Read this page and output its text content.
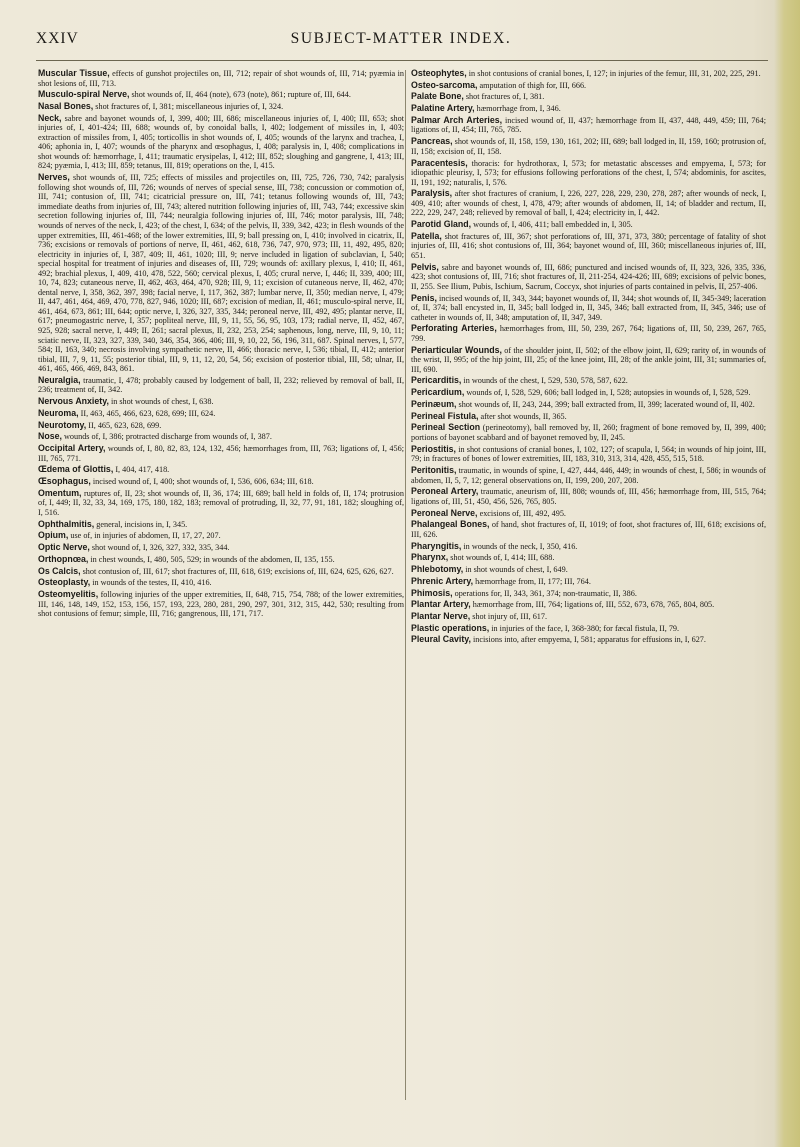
XXIV	SUBJECT-MATTER INDEX.
Muscular Tissue, effects of gunshot projectiles on, III, 712; repair of shot wounds of, III, 714; pyæmia in shot lesions of, III, 713.
Musculo-spiral Nerve, shot wounds of, II, 464 (note), 673 (note), 861; rupture of, III, 644.
Nasal Bones, shot fractures of, I, 381; miscellaneous injuries of, I, 324.
Neck, sabre and bayonet wounds of, I, 399, 400; III, 686; miscellaneous injuries of, I, 400; III, 653; shot injuries of, I, 401-424; III, 688; wounds of, by conoidal balls, I, 402; lodgement of missiles in, I, 403; extraction of missiles from, I, 405; torticollis in shot wounds of, I, 405; wounds of the larynx and trachea, I, 406; aphonia in, I, 407; wounds of the pharynx and œsophagus, I, 408; paralysis in, I, 408; complications in shot wounds of: hæmorrhage, I, 411; traumatic erysipelas, I, 412; III, 852; sloughing and gangrene, I, 413; III, 824; pyæmia, I, 413; III, 859; tetanus, III, 819; operations on the, I, 415.
Nerves, shot wounds of, III, 725; effects of missiles and projectiles on, III, 725, 726, 730, 742; paralysis following shot wounds of, III, 726; wounds of nerves of special sense, III, 738; concussion or commotion of, III, 741; contusion of, III, 741; cicatricial pressure on, III, 741; tetanus following wounds of, III, 743; immediate deaths from injuries of, III, 743; altered nutrition following injuries of, III, 743, 744; excessive skin secretion following injuries of, III, 744; neuralgia following injuries of, III, 746; motor paralysis, III, 748; wounds of nerves of the neck, I, 423; of the chest, I, 634; of the pelvis, II, 339, 342, 423; in flesh wounds of the upper extremities, III, 461-468; of the lower extremities, III, 9; ball pressing on, I, 410; involved in cicatrix, II, 736; excisions or removals of portions of nerve, II, 461, 462, 618, 736, 747, 970, 973; III, 11, 492, 495, 820; electricity in injuries of, I, 387, 409; II, 461, 1020; III, 9; nerve included in ligation of subclavian, I, 540; special hospital for treatment of injuries and diseases of, III, 729; wounds of: axillary plexus, I, 410; II, 461, 492; brachial plexus, I, 409, 410, 478, 522, 560; cervical plexus, I, 405; crural nerve, I, 446; II, 339, 400; III, 10, 74, 823; cutaneous nerve, II, 462, 463, 464, 470, 928; III, 9, 11; excision of cutaneous nerve, II, 462, 470; dental nerve, I, 358, 362, 397, 398; facial nerve, I, 117, 362, 387; lumbar nerve, II, 350; median nerve, I, 479; II, 447, 461, 464, 469, 470, 778, 827, 946, 1020; III, 687; excision of median, II, 461; musculo-spiral nerve, II, 461, 464, 673, 861; III, 644; optic nerve, I, 326, 327, 335, 344; peroneal nerve, III, 492, 495; plantar nerve, II, 617; pneumogastric nerve, I, 357; popliteal nerve, III, 9, 11, 55, 56, 95, 103, 173; radial nerve, II, 452, 467, 925, 928; sacral nerve, I, 449; II, 261; sacral plexus, II, 232, 253, 254; saphenous, long, nerve, III, 9, 10, 11; sciatic nerve, II, 323, 327, 339, 340, 346, 354, 366, 406; III, 9, 10, 22, 56, 196, 311, 687. Spinal nerves, I, 577, 584; II, 163, 340; necrosis involving sympathetic nerve, II, 466; thoracic nerve, I, 536; tibial, II, 412; anterior tibial, III, 7, 9, 11, 55; posterior tibial, III, 9, 11, 12, 20, 54, 56; excision of posterior tibial, III, 58; ulnar, II, 461, 465, 466, 469, 843, 861.
Neuralgia, traumatic, I, 478; probably caused by lodgement of ball, II, 232; relieved by removal of ball, II, 236; treatment of, II, 342.
Nervous Anxiety, in shot wounds of chest, I, 638.
Neuroma, II, 463, 465, 466, 623, 628, 699; III, 624.
Neurotomy, II, 465, 623, 628, 699.
Nose, wounds of, I, 386; protracted discharge from wounds of, I, 387.
Occipital Artery, wounds of, I, 80, 82, 83, 124, 132, 456; hæmorrhages from, III, 763; ligations of, I, 456; III, 765, 771.
Œdema of Glottis, I, 404, 417, 418.
Œsophagus, incised wound of, I, 400; shot wounds of, I, 536, 606, 634; III, 618.
Omentum, ruptures of, II, 23; shot wounds of, II, 36, 174; III, 689; ball held in folds of, II, 174; protrusion of, I, 449; II, 32, 33, 34, 169, 175, 180, 182, 183; removal of protruding, II, 32, 77, 91, 181, 182; sloughing of, I, 516.
Ophthalmitis, general, incisions in, I, 345.
Opium, use of, in injuries of abdomen, II, 17, 27, 207.
Optic Nerve, shot wound of, I, 326, 327, 332, 335, 344.
Orthopnœa, in chest wounds, I, 480, 505, 529; in wounds of the abdomen, II, 135, 155.
Os Calcis, shot contusion of, III, 617; shot fractures of, III, 618, 619; excisions of, III, 624, 625, 626, 627.
Osteoplasty, in wounds of the testes, II, 410, 416.
Osteomyelitis, following injuries of the upper extremities, II, 648, 715, 754, 788; of the lower extremities, III, 146, 148, 149, 152, 153, 156, 157, 193, 223, 280, 281, 290, 297, 301, 312, 315, 442, 530; resulting from shot contusions of femur; simple, III, 716; gangrenous, III, 171, 717.
Osteophytes, in shot contusions of cranial bones, I, 127; in injuries of the femur, III, 31, 202, 225, 291.
Osteo-sarcoma, amputation of thigh for, III, 666.
Palate Bone, shot fractures of, I, 381.
Palatine Artery, hæmorrhage from, I, 346.
Palmar Arch Arteries, incised wound of, II, 437; hæmorrhage from II, 437, 448, 449, 459; III, 764; ligations of, II, 454; III, 765, 785.
Pancreas, shot wounds of, II, 158, 159, 130, 161, 202; III, 689; ball lodged in, II, 159, 160; protrusion of, II, 158; excision of, II, 158.
Paracentesis, thoracis: for hydrothorax, I, 573; for metastatic abscesses and empyema, I, 573; for idiopathic pleurisy, I, 573; for effusions following perforations of the chest, I, 574; abdominis, for ascites, II, 191, 192; naturalis, I, 576.
Paralysis, after shot fractures of cranium, I, 226, 227, 228, 229, 230, 278, 287; after wounds of neck, I, 409, 410; after wounds of chest, I, 478, 479; after wounds of abdomen, II, 14; of bladder and rectum, II, 222, 229, 247, 248; relieved by removal of ball, I, 424; electricity in, I, 442.
Parotid Gland, wounds of, I, 406, 411; ball embedded in, I, 305.
Patella, shot fractures of, III, 367; shot perforations of, III, 371, 373, 380; percentage of fatality of shot injuries of, III, 416; shot contusions of, III, 364; bayonet wound of, III, 360; miscellaneous injuries of, III, 651.
Pelvis, sabre and bayonet wounds of, III, 686; punctured and incised wounds of, II, 323, 326, 335, 336, 423; shot contusions of, III, 716; shot fractures of, II, 211-254, 424-426; III, 689; excisions of pelvic bones, II, 255. See Ilium, Pubis, Ischium, Sacrum, Coccyx, shot injuries of parts contained in pelvis, II, 257-406.
Penis, incised wounds of, II, 343, 344; bayonet wounds of, II, 344; shot wounds of, II, 345-349; laceration of, II, 374; ball encysted in, II, 345; ball lodged in, II, 345, 346; ball extracted from, II, 345, 346; use of catheter in wounds of, II, 348; amputation of, II, 347, 349.
Perforating Arteries, hæmorrhages from, III, 50, 239, 267, 764; ligations of, III, 50, 239, 267, 765, 799.
Periarticular Wounds, of the shoulder joint, II, 502; of the elbow joint, II, 629; rarity of, in wounds of the wrist, II, 995; of the hip joint, III, 25; of the knee joint, III, 28; of the ankle joint, III, 31; summaries of, III, 690.
Pericarditis, in wounds of the chest, I, 529, 530, 578, 587, 622.
Pericardium, wounds of, I, 528, 529, 606; ball lodged in, I, 528; autopsies in wounds of, I, 528, 529.
Perinæum, shot wounds of, II, 243, 244, 399; ball extracted from, II, 399; lacerated wound of, II, 402.
Perineal Fistula, after shot wounds, II, 365.
Perineal Section (perineotomy), ball removed by, II, 260; fragment of bone removed by, II, 399, 400; portions of bayonet scabbard and of bayonet removed by, II, 245.
Periostitis, in shot contusions of cranial bones, I, 102, 127; of scapula, I, 564; in wounds of hip joint, III, 79; in fractures of bones of lower extremities, III, 183, 310, 313, 314, 428, 455, 515, 518.
Peritonitis, traumatic, in wounds of spine, I, 427, 444, 446, 449; in wounds of chest, I, 586; in wounds of abdomen, II, 5, 7, 12; general observations on, II, 199, 200, 207, 208.
Peroneal Artery, traumatic, aneurism of, III, 808; wounds of, III, 456; hæmorrhage from, III, 515, 764; ligations of, III, 51, 450, 456, 526, 765, 805.
Peroneal Nerve, excisions of, III, 492, 495.
Phalangeal Bones, of hand, shot fractures of, II, 1019; of foot, shot fractures of, III, 618; excisions of, III, 626.
Pharyngitis, in wounds of the neck, I, 350, 416.
Pharynx, shot wounds of, I, 414; III, 688.
Phlebotomy, in shot wounds of chest, I, 649.
Phrenic Artery, hæmorrhage from, II, 177; III, 764.
Phimosis, operations for, II, 343, 361, 374; non-traumatic, II, 386.
Plantar Artery, hæmorrhage from, III, 764; ligations of, III, 552, 673, 678, 765, 804, 805.
Plantar Nerve, shot injury of, III, 617.
Plastic operations, in injuries of the face, I, 368-380; for fæcal fistula, II, 79.
Pleural Cavity, incisions into, after empyema, I, 581; apparatus for effusions in, I, 627.
